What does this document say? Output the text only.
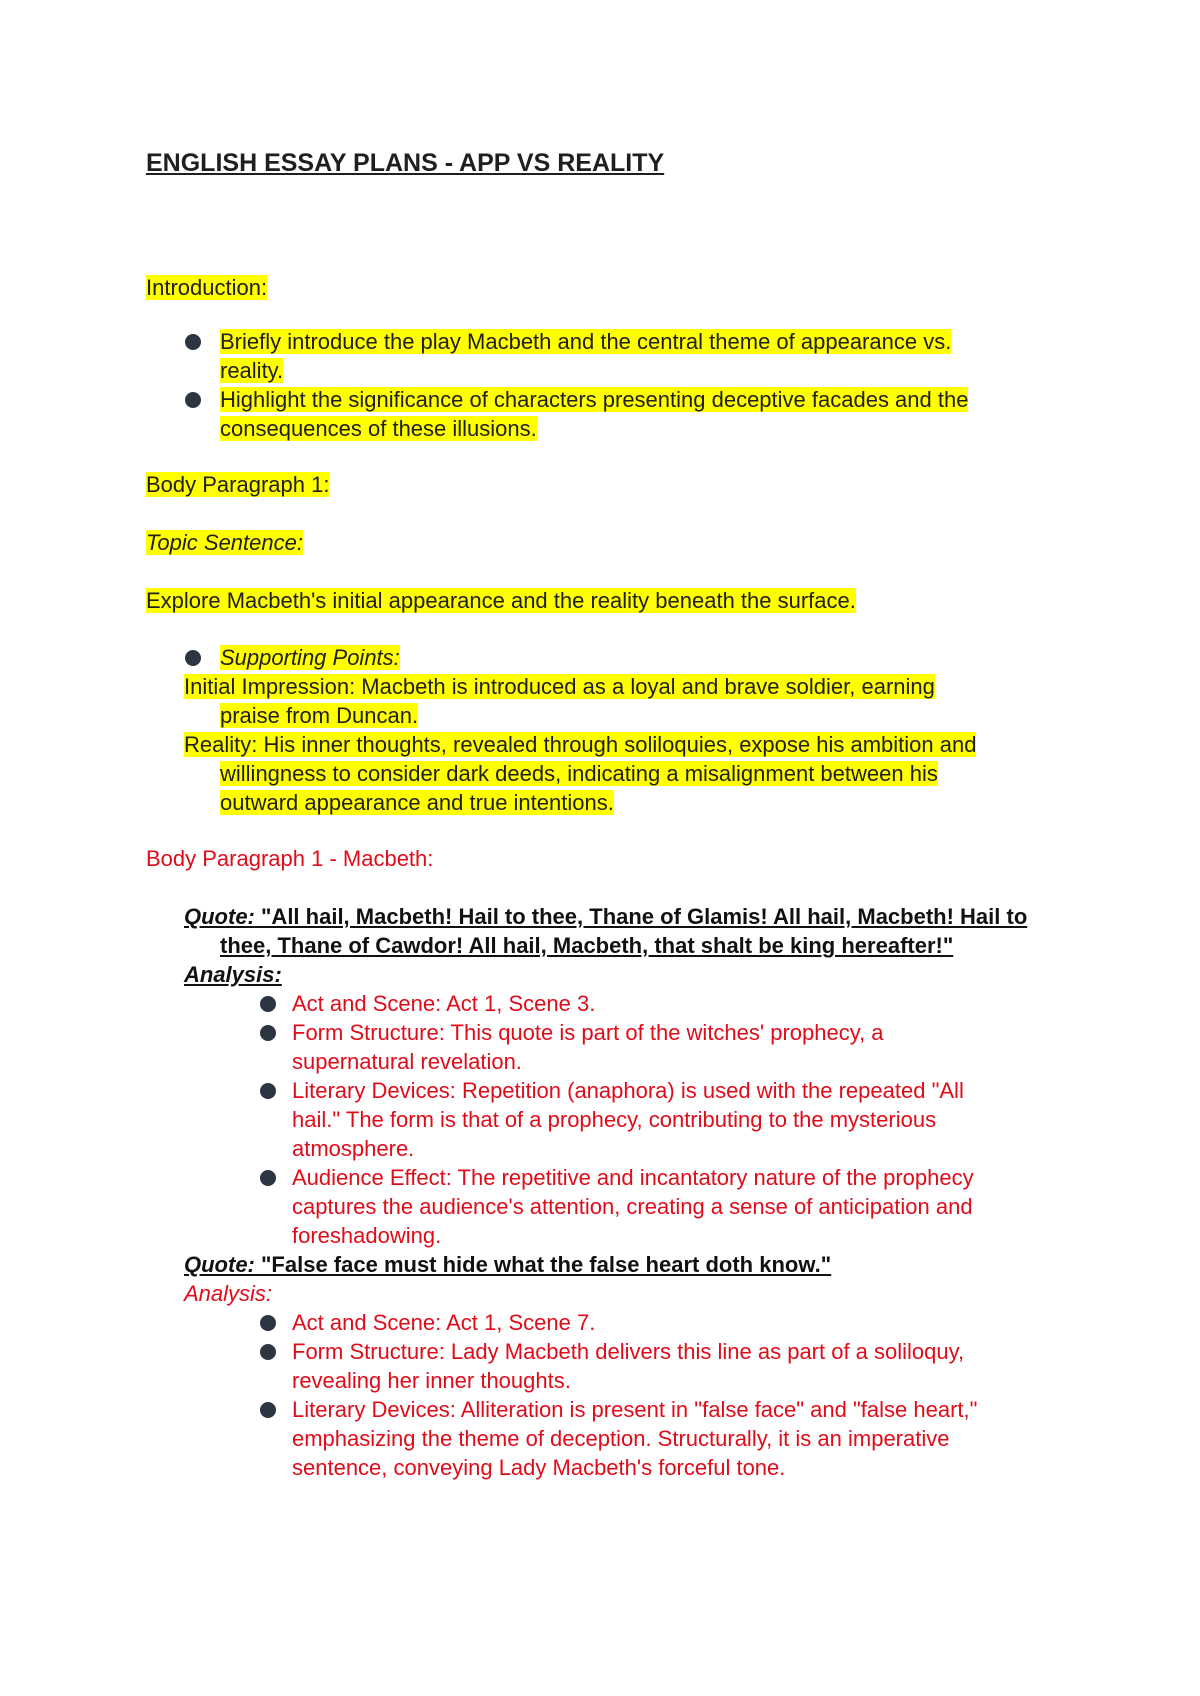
ENGLISH ESSAY PLANS - APP VS REALITY
Introduction:
Briefly introduce the play Macbeth and the central theme of appearance vs.
reality.
Highlight the significance of characters presenting deceptive facades and the
consequences of these illusions.
Body Paragraph 1:
Topic Sentence:
Explore Macbeth's initial appearance and the reality beneath the surface.
Supporting Points:
Initial Impression: Macbeth is introduced as a loyal and brave soldier, earning
praise from Duncan.
Reality: His inner thoughts, revealed through soliloquies, expose his ambition and
willingness to consider dark deeds, indicating a misalignment between his
outward appearance and true intentions.
Body Paragraph 1 - Macbeth:
Quote: "All hail, Macbeth! Hail to thee, Thane of Glamis! All hail, Macbeth! Hail to
thee, Thane of Cawdor! All hail, Macbeth, that shalt be king hereafter!"
Analysis:
Act and Scene: Act 1, Scene 3.
Form Structure: This quote is part of the witches' prophecy, a
supernatural revelation.
Literary Devices: Repetition (anaphora) is used with the repeated "All
hail." The form is that of a prophecy, contributing to the mysterious
atmosphere.
Audience Effect: The repetitive and incantatory nature of the prophecy
captures the audience's attention, creating a sense of anticipation and
foreshadowing.
Quote: "False face must hide what the false heart doth know."
Analysis:
Act and Scene: Act 1, Scene 7.
Form Structure: Lady Macbeth delivers this line as part of a soliloquy,
revealing her inner thoughts.
Literary Devices: Alliteration is present in "false face" and "false heart,"
emphasizing the theme of deception. Structurally, it is an imperative
sentence, conveying Lady Macbeth's forceful tone.
